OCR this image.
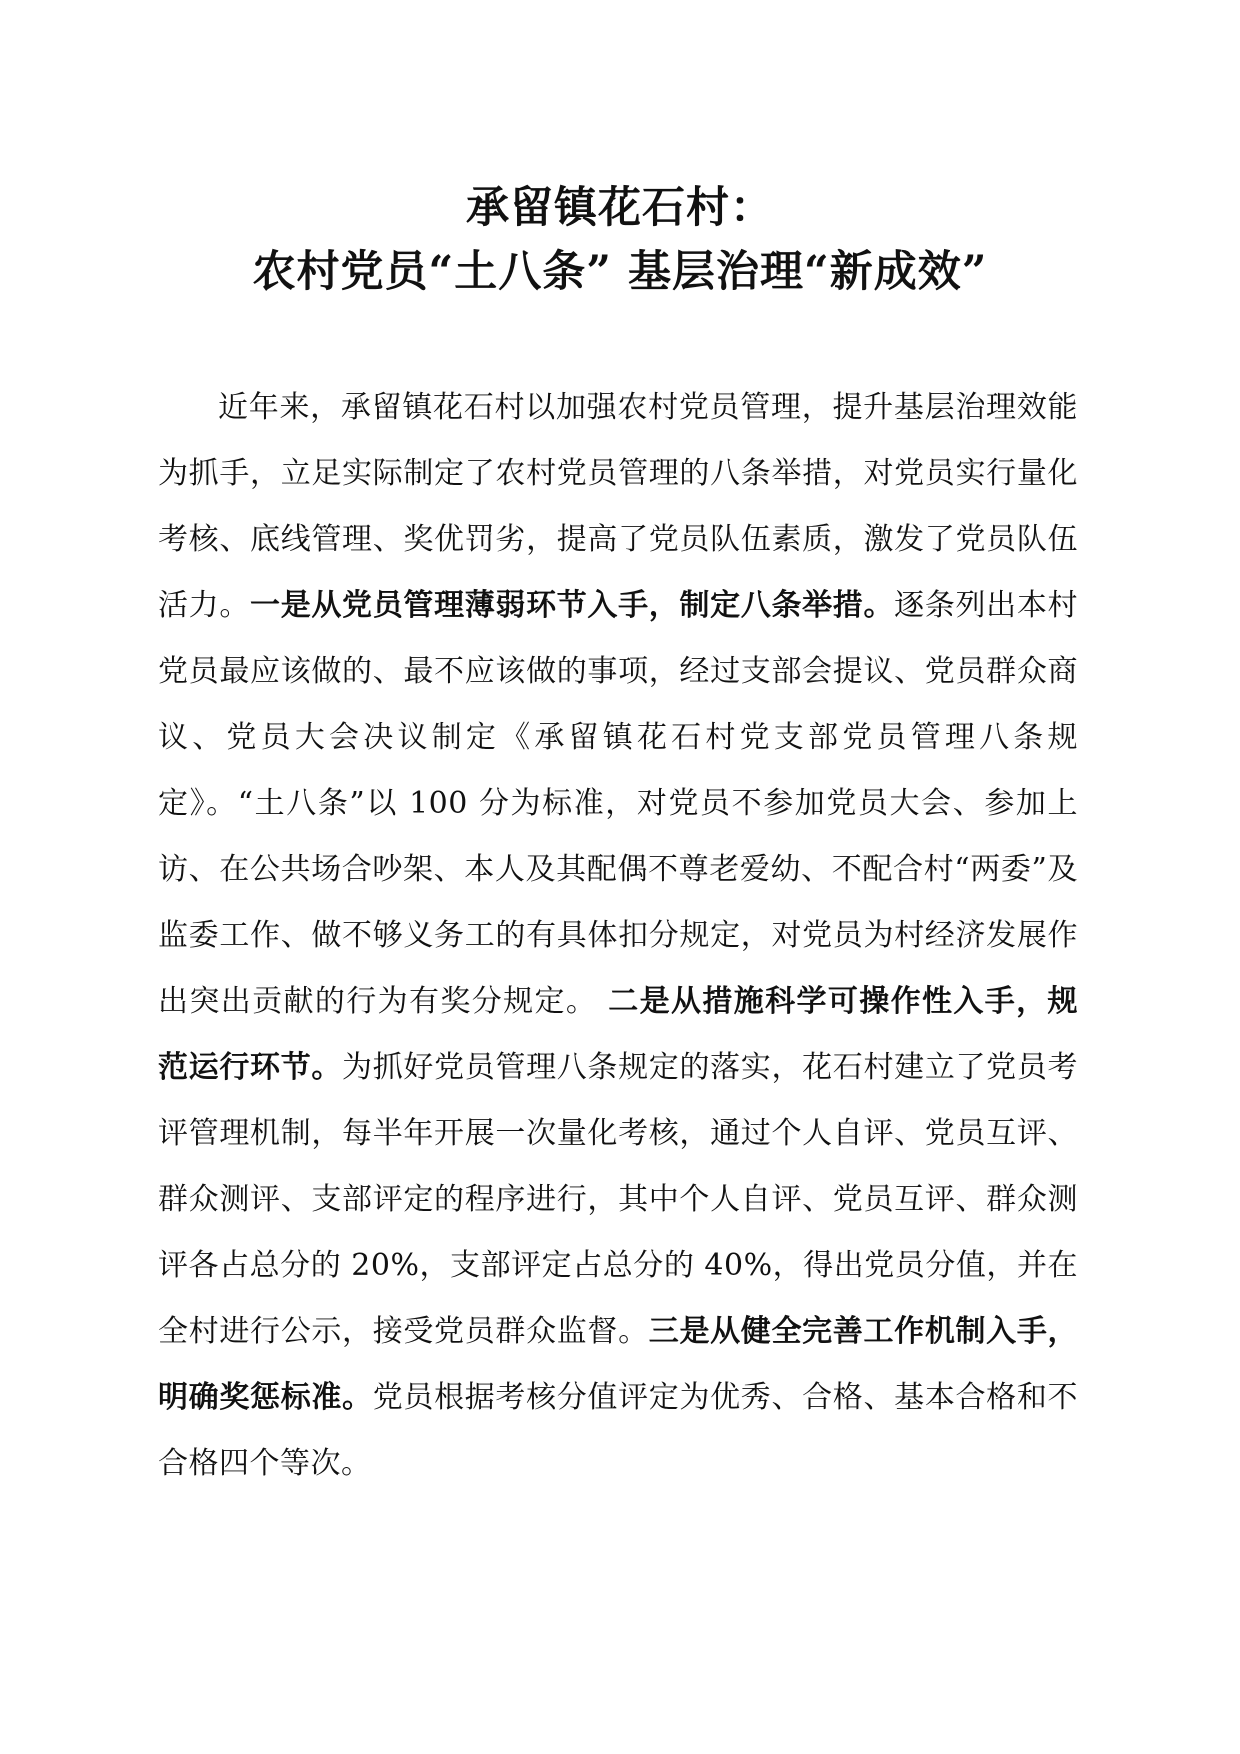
承留镇花石村：
农村党员“土八条” 基层治理“新成效”
近年来，承留镇花石村以加强农村党员管理，提升基层治理效能为抓手，立足实际制定了农村党员管理的八条举措，对党员实行量化考核、底线管理、奖优罚劣，提高了党员队伍素质，激发了党员队伍活力。一是从党员管理薄弱环节入手，制定八条举措。逐条列出本村党员最应该做的、最不应该做的事项，经过支部会提议、党员群众商议、党员大会决议制定《承留镇花石村党支部党员管理八条规定》。“土八条”以 100 分为标准，对党员不参加党员大会、参加上访、在公共场合吵架、本人及其配偶不尊老爱幼、不配合村“两委”及监委工作、做不够义务工的有具体扣分规定，对党员为村经济发展作出突出贡献的行为有奖分规定。 二是从措施科学可操作性入手，规范运行环节。为抓好党员管理八条规定的落实，花石村建立了党员考评管理机制，每半年开展一次量化考核，通过个人自评、党员互评、群众测评、支部评定的程序进行，其中个人自评、党员互评、群众测评各占总分的 20%，支部评定占总分的 40%，得出党员分值，并在全村进行公示，接受党员群众监督。三是从健全完善工作机制入手，明确奖惩标准。党员根据考核分值评定为优秀、合格、基本合格和不合格四个等次。
